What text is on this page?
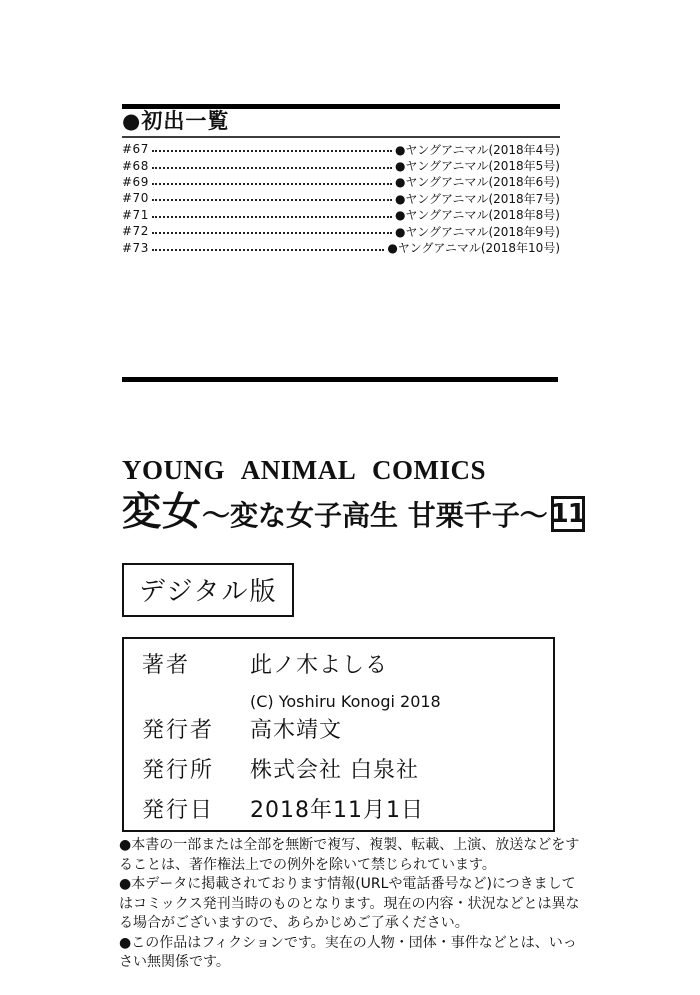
●初出一覧
#67	●ヤングアニマル(2018年4号)
#68	●ヤングアニマル(2018年5号)
#69	●ヤングアニマル(2018年6号)
#70	●ヤングアニマル(2018年7号)
#71	●ヤングアニマル(2018年8号)
#72	●ヤングアニマル(2018年9号)
#73	●ヤングアニマル(2018年10号)
YOUNG ANIMAL COMICS
変女 〜変な女子高生 甘栗千子〜 11
デジタル版
著者	此ノ木よしる
(C) Yoshiru Konogi 2018
発行者	高木靖文
発行所	株式会社 白泉社
発行日	2018年11月1日

●本書の一部または全部を無断で複写、複製、転載、上演、放送などをすることは、著作権法上での例外を除いて禁じられています。

●本データに掲載されております情報(URLや電話番号など)につきましてはコミックス発刊当時のものとなります。現在の内容・状況などとは異なる場合がございますので、あらかじめご了承ください。

●この作品はフィクションです。実在の人物・団体・事件などとは、いっさい無関係です。
